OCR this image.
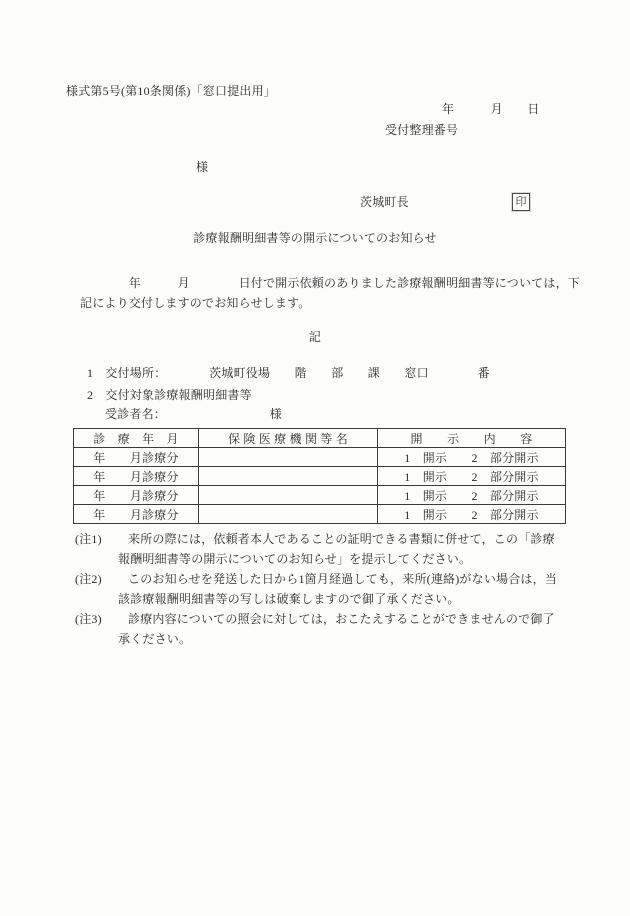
様式第5号(第10条関係)「窓口提出用」
年　　　月　　日
受付整理番号
様
茨城町長	印
診療報酬明細書等の開示についてのお知らせ
　　　　年　　　月　　　　日付で開示依頼のありました診療報酬明細書等については，下
記により交付しますのでお知らせします。
記
1　交付場所：　　　　茨城町役場　　階　　部　　課　　窓口　　　　番
2　交付対象診療報酬明細書等
受診者名：　　　　　　　　　様
診　療　年　月	保 険 医 療 機 関 等 名	開　　示　　内　　容
年　　月診療分		1　開示　　2　部分開示
年　　月診療分		1　開示　　2　部分開示
年　　月診療分		1　開示　　2　部分開示
年　　月診療分		1　開示　　2　部分開示
(注1) 来所の際には，依頼者本人であることの証明できる書類に併せて，この「診療
報酬明細書等の開示についてのお知らせ」を提示してください。
(注2) このお知らせを発送した日から1箇月経過しても，来所(連絡)がない場合は，当
該診療報酬明細書等の写しは破棄しますので御了承ください。
(注3) 診療内容についての照会に対しては，おこたえすることができませんので御了
承ください。
